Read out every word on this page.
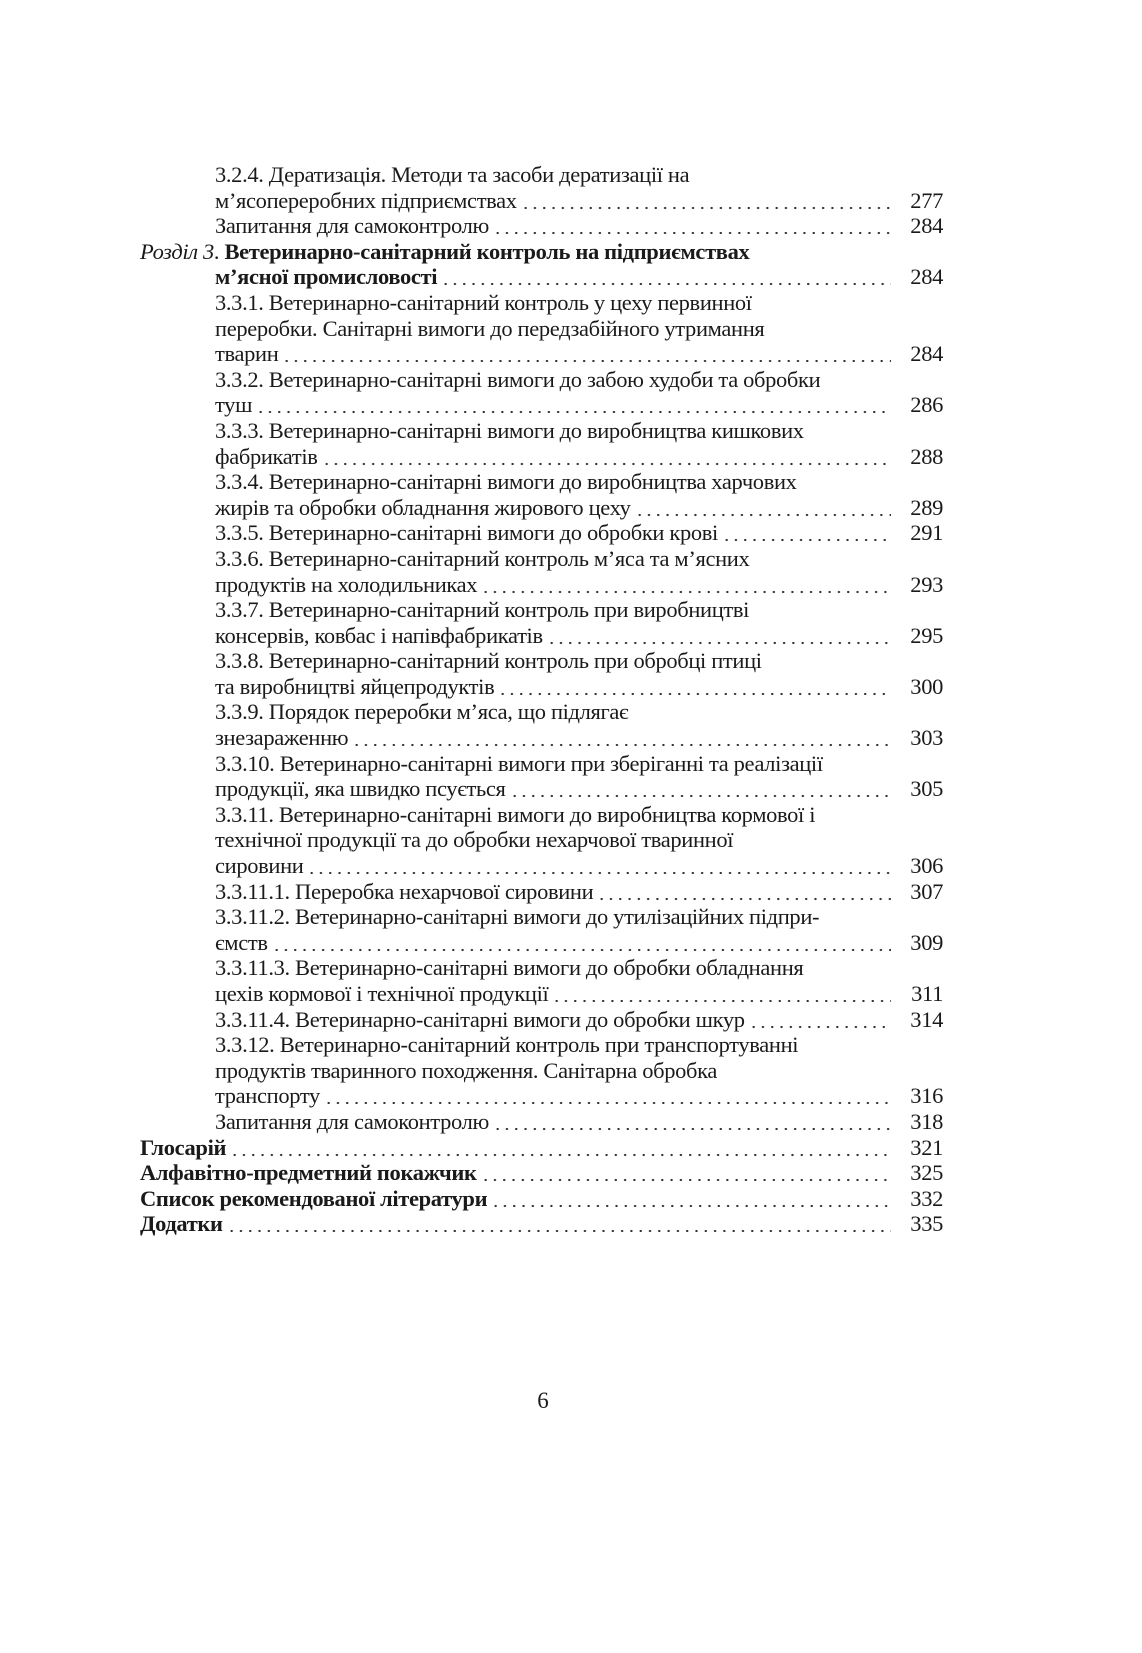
3.2.4. Дератизація. Методи та засоби дератизації на
м’ясопереробних підприємствах	277
Запитання для самоконтролю	284
Розділ 3. Ветеринарно-санітарний контроль на підприємствах
м’ясної промисловості	284
3.3.1. Ветеринарно-санітарний контроль у цеху первинної
переробки. Санітарні вимоги до передзабійного утримання
тварин	284
3.3.2. Ветеринарно-санітарні вимоги до забою худоби та обробки
туш	286
3.3.3. Ветеринарно-санітарні вимоги до виробництва кишкових
фабрикатів	288
3.3.4. Ветеринарно-санітарні вимоги до виробництва харчових
жирів та обробки обладнання жирового цеху	289
3.3.5. Ветеринарно-санітарні вимоги до обробки крові	291
3.3.6. Ветеринарно-санітарний контроль м’яса та м’ясних
продуктів на холодильниках	293
3.3.7. Ветеринарно-санітарний контроль при виробництві
консервів, ковбас і напівфабрикатів	295
3.3.8. Ветеринарно-санітарний контроль при обробці птиці
та виробництві яйцепродуктів	300
3.3.9. Порядок переробки м’яса, що підлягає
знезараженню	303
3.3.10. Ветеринарно-санітарні вимоги при зберіганні та реалізації
продукції, яка швидко псується	305
3.3.11. Ветеринарно-санітарні вимоги до виробництва кормової і
технічної продукції та до обробки нехарчової тваринної
сировини	306
3.3.11.1. Переробка нехарчової сировини	307
3.3.11.2. Ветеринарно-санітарні вимоги до утилізаційних підпри-
ємств	309
3.3.11.3. Ветеринарно-санітарні вимоги до обробки обладнання
цехів кормової і технічної продукції	311
3.3.11.4. Ветеринарно-санітарні вимоги до обробки шкур	314
3.3.12. Ветеринарно-санітарний контроль при транспортуванні
продуктів тваринного походження. Санітарна обробка
транспорту	316
Запитання для самоконтролю	318
Глосарій	321
Алфавітно-предметний покажчик	325
Список рекомендованої літератури	332
Додатки	335
6
